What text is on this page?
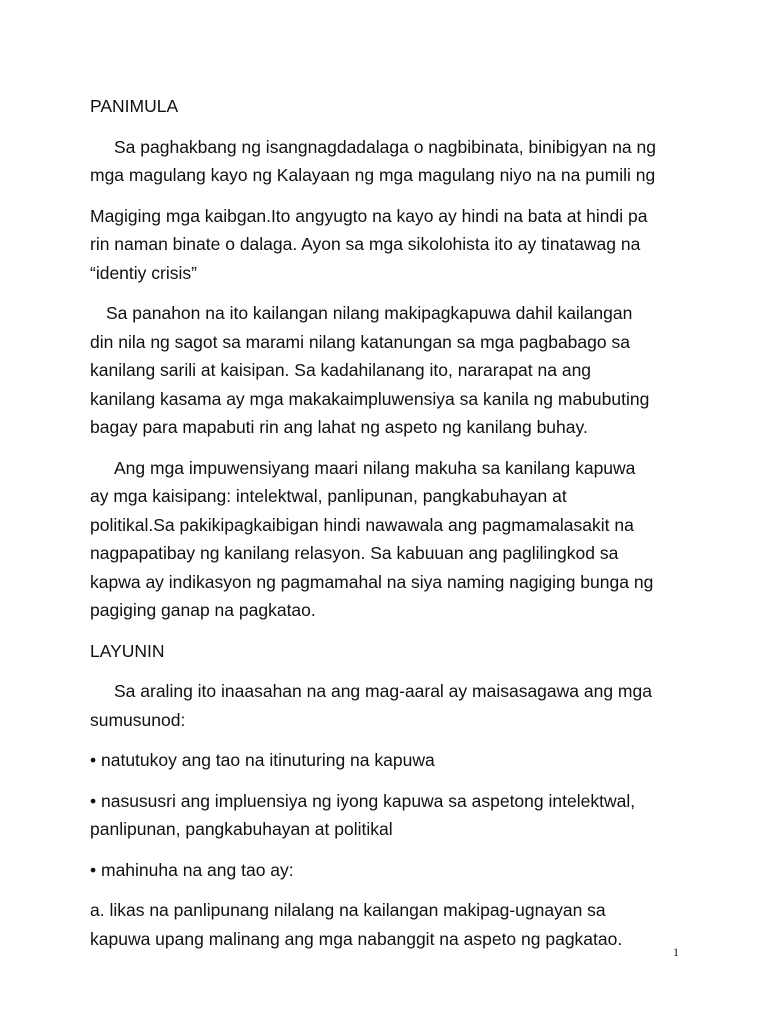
PANIMULA

Sa paghakbang ng isangnagdadalaga o nagbibinata, binibigyan na ng
mga magulang kayo ng Kalayaan ng mga magulang niyo na na pumili ng

Magiging mga kaibgan.Ito angyugto na kayo ay hindi na bata at hindi pa
rin naman binate o dalaga. Ayon sa mga sikolohista ito ay tinatawag na
“identiy crisis”

Sa panahon na ito kailangan nilang makipagkapuwa dahil kailangan
din nila ng sagot sa marami nilang katanungan sa mga pagbabago sa
kanilang sarili at kaisipan. Sa kadahilanang ito, nararapat na ang
kanilang kasama ay mga makakaimpluwensiya sa kanila ng mabubuting
bagay para mapabuti rin ang lahat ng aspeto ng kanilang buhay.

Ang mga impuwensiyang maari nilang makuha sa kanilang kapuwa
ay mga kaisipang: intelektwal, panlipunan, pangkabuhayan at
politikal.Sa pakikipagkaibigan hindi nawawala ang pagmamalasakit na
nagpapatibay ng kanilang relasyon. Sa kabuuan ang paglilingkod sa
kapwa ay indikasyon ng pagmamahal na siya naming nagiging bunga ng
pagiging ganap na pagkatao.

LAYUNIN

Sa araling ito inaasahan na ang mag-aaral ay maisasagawa ang mga
sumusunod:

• natutukoy ang tao na itinuturing na kapuwa

• nasususri ang impluensiya ng iyong kapuwa sa aspetong intelektwal,
panlipunan, pangkabuhayan at politikal

• mahinuha na ang tao ay:

a. likas na panlipunang nilalang na kailangan makipag-ugnayan sa
kapuwa upang malinang ang mga nabanggit na aspeto ng pagkatao.

1
